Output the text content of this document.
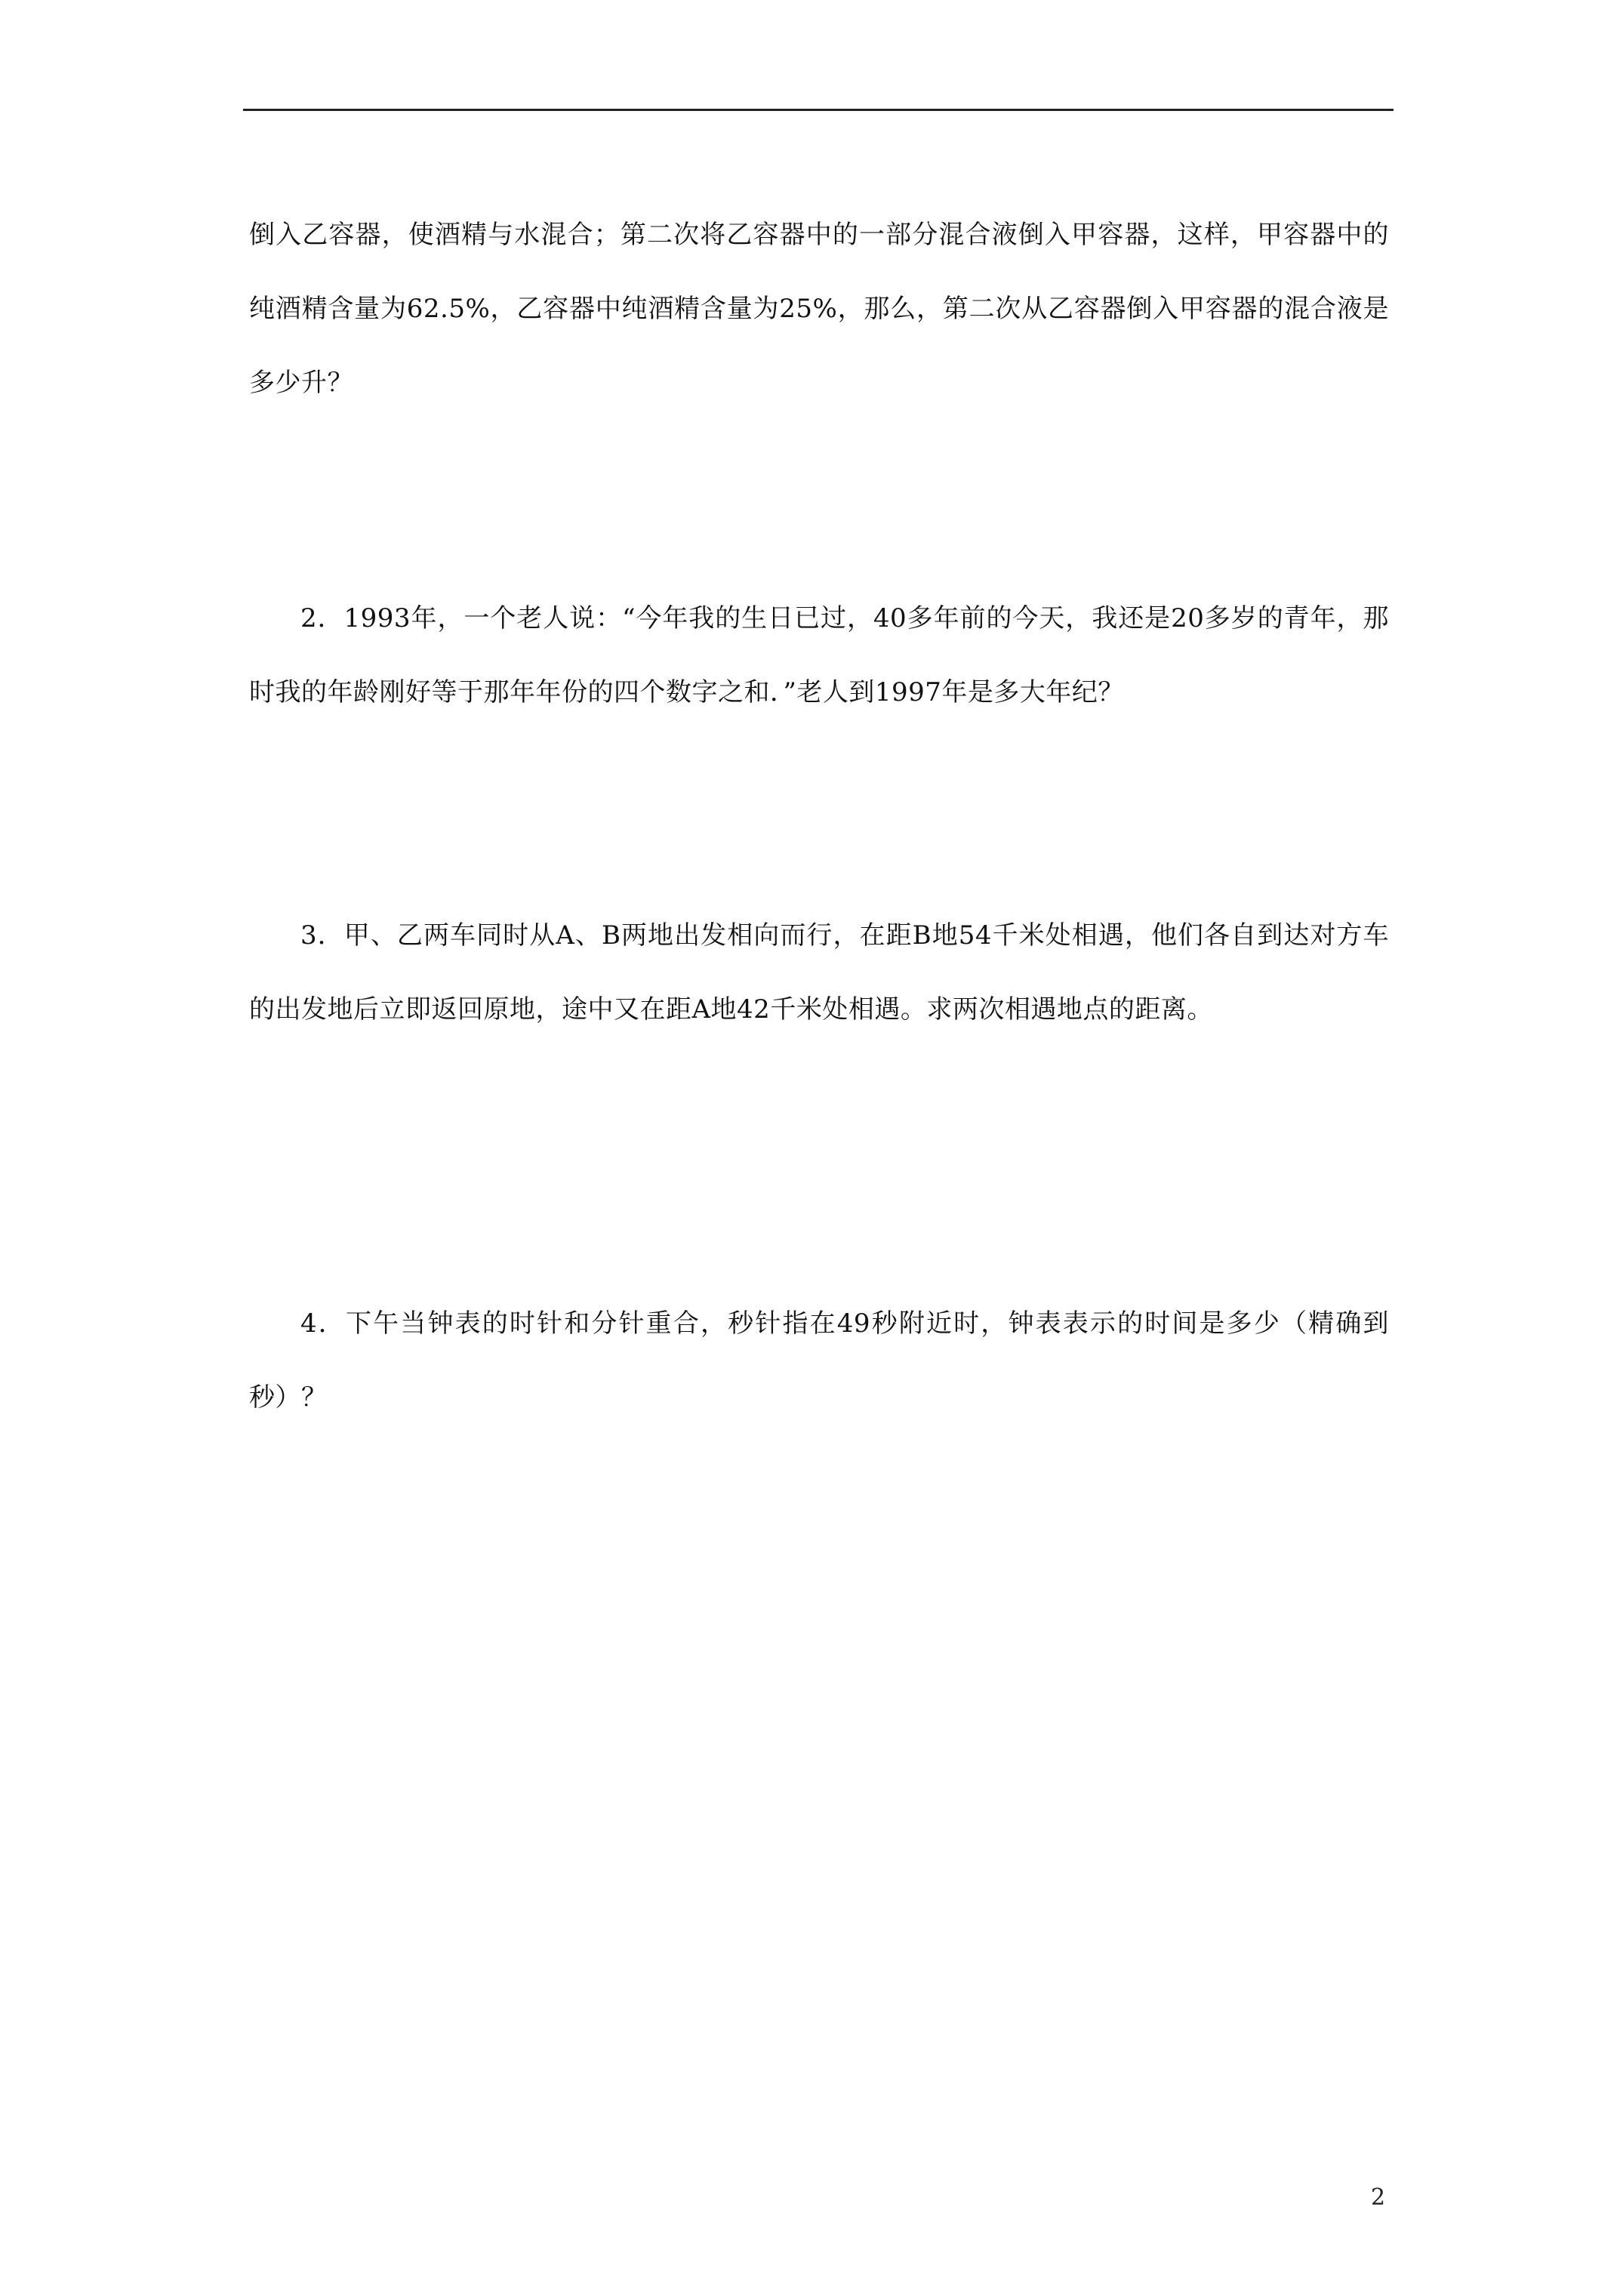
倒入乙容器，使酒精与水混合；第二次将乙容器中的一部分混合液倒入甲容器，这样，甲容器中的纯酒精含量为62.5%，乙容器中纯酒精含量为25%，那么，第二次从乙容器倒入甲容器的混合液是多少升？

2．1993年，一个老人说：“今年我的生日已过，40多年前的今天，我还是20多岁的青年，那时我的年龄刚好等于那年年份的四个数字之和．”老人到1997年是多大年纪？

3．甲、乙两车同时从A、B两地出发相向而行，在距B地54千米处相遇，他们各自到达对方车的出发地后立即返回原地，途中又在距A地42千米处相遇。求两次相遇地点的距离。

4．下午当钟表的时针和分针重合，秒针指在49秒附近时，钟表表示的时间是多少（精确到秒）？

2
